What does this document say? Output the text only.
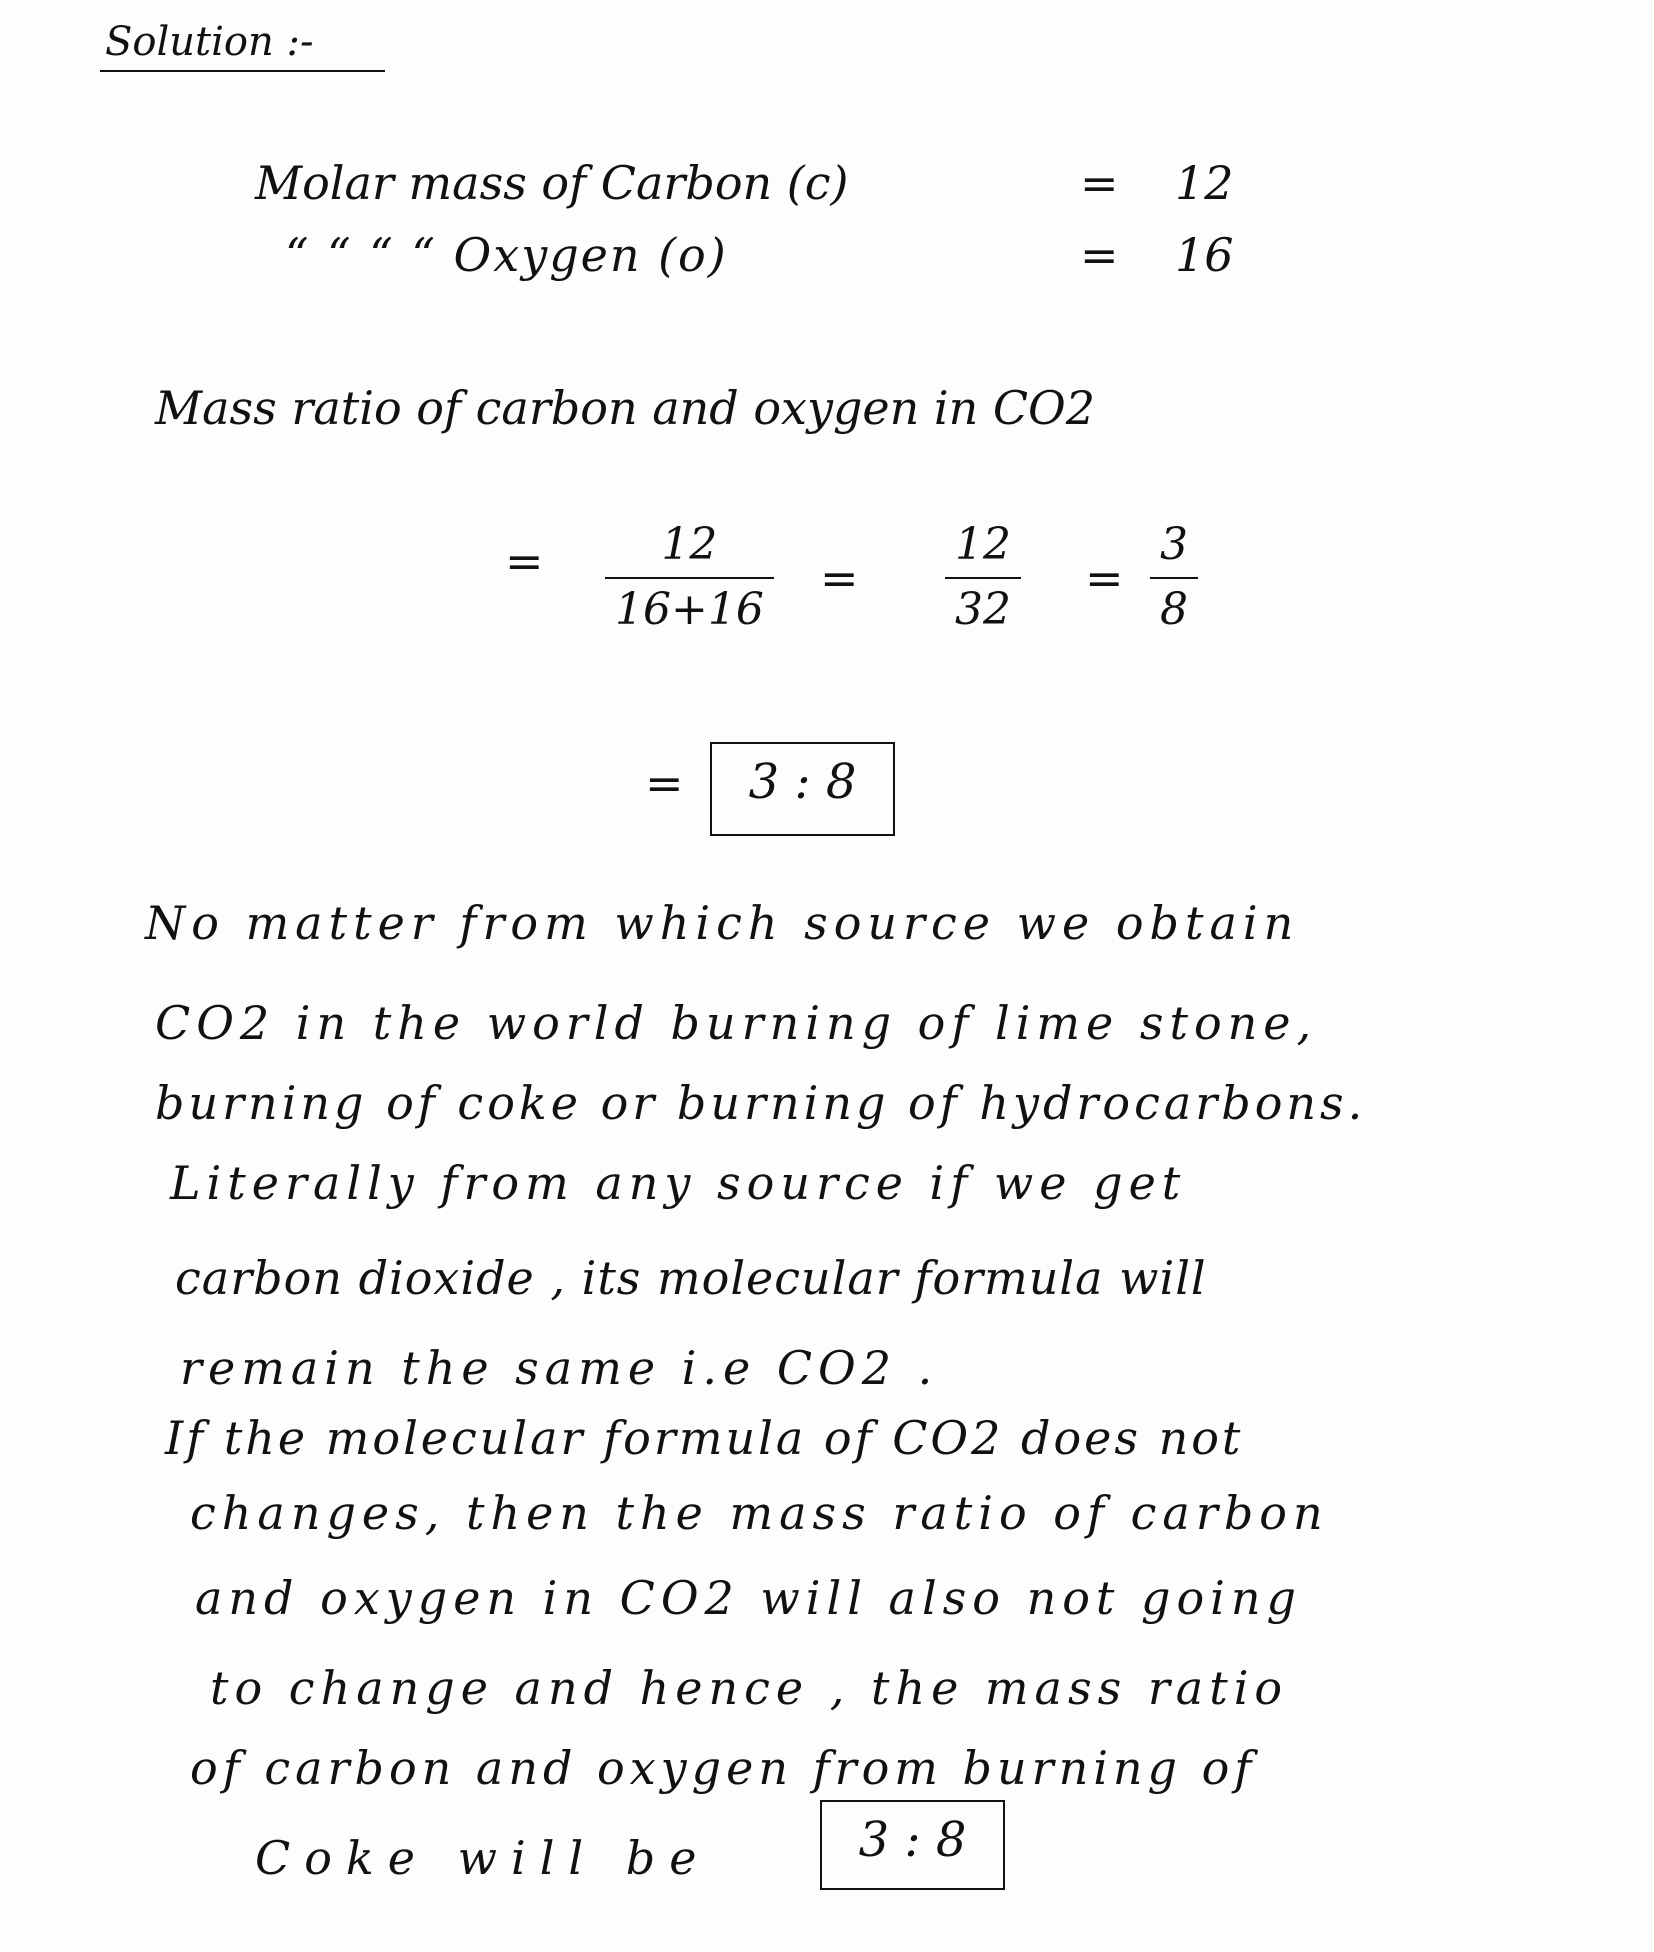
Solution :-
Molar mass of Carbon (c)	= 12
“ “ “ “ Oxygen (o)	= 16
Mass ratio of carbon and oxygen in CO2
=	12
16+16
=
12
32
=
3
8
=	3 : 8
No matter from which source we obtain
CO2 in the world burning of lime stone,
burning of coke or burning of hydrocarbons.
Literally from any source if we get
carbon dioxide , its molecular formula will
remain the same i.e CO2 .
If the molecular formula of CO2 does not
changes, then the mass ratio of carbon
and oxygen in CO2 will also not going
to change and hence , the mass ratio
of carbon and oxygen from burning of
Coke will be	3 : 8
